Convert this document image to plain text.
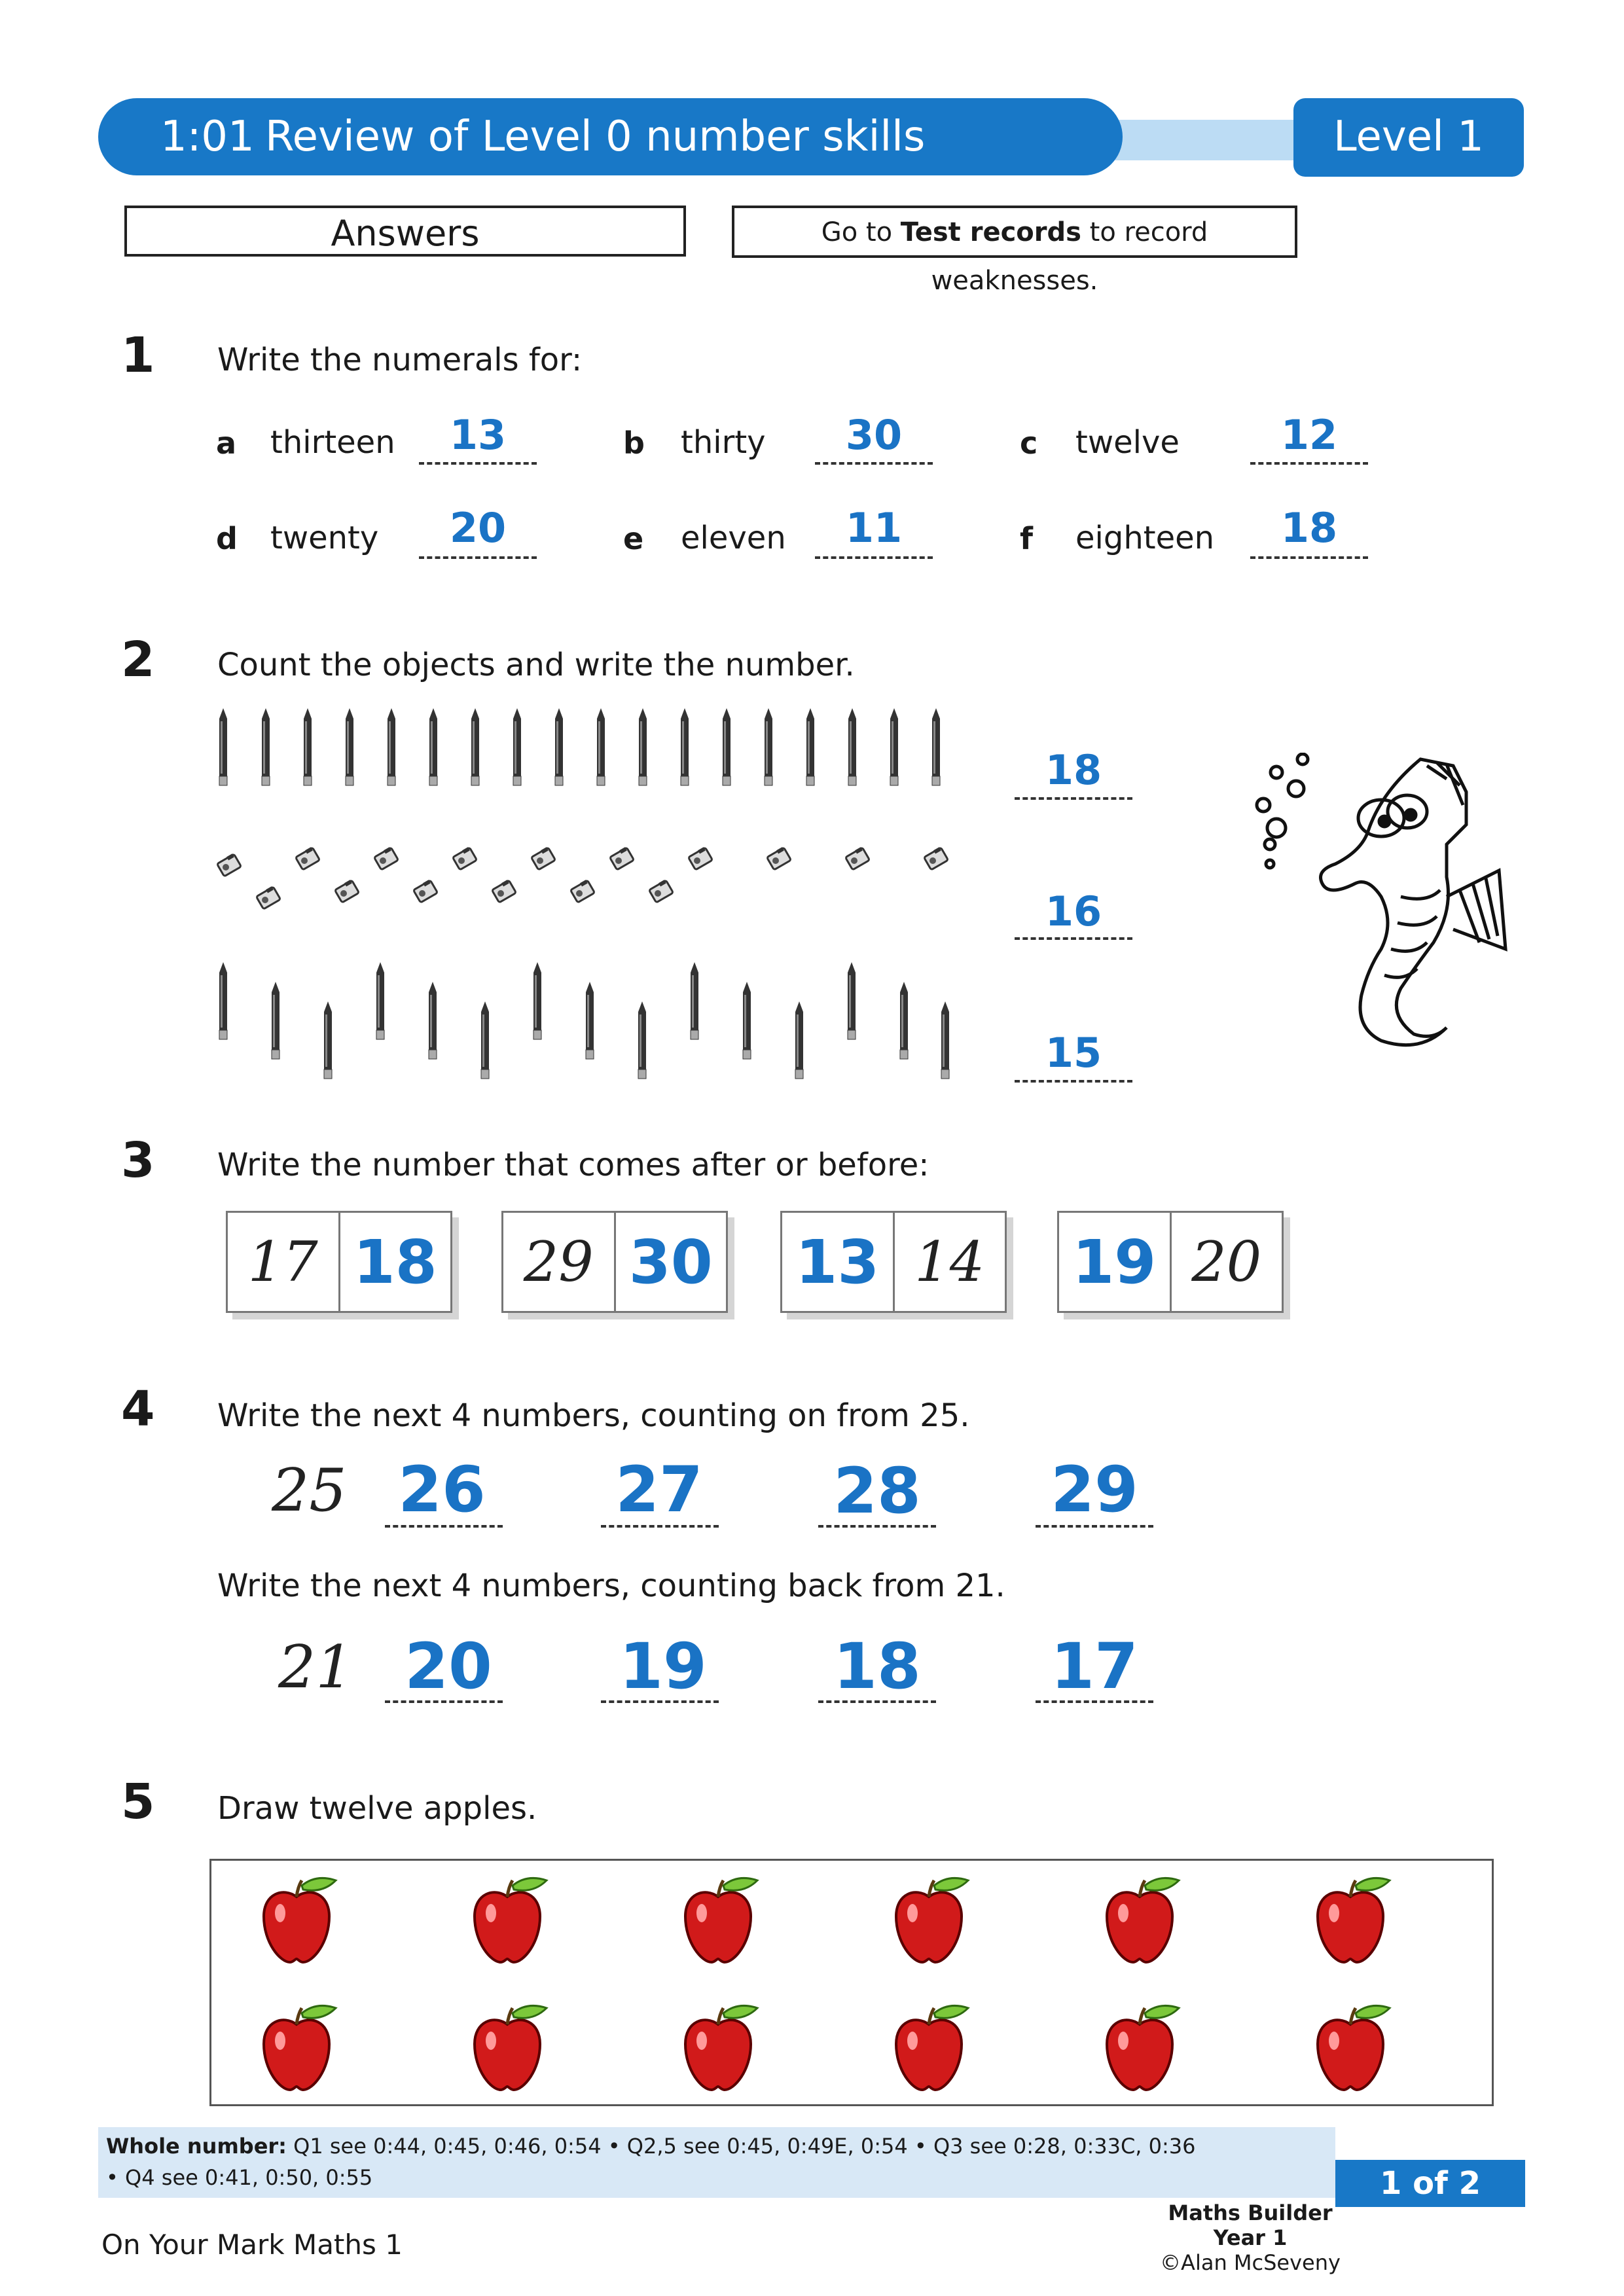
1:01 Review of Level 0 number skills	Level 1
Answers	Go to Test records to record weaknesses.
1 Write the numerals for:
a thirteen	13	b thirty	30	c twelve	12
d twenty	20	e eleven	11	f eighteen	18
2 Count the objects and write the number.
18
16
15
3 Write the number that comes after or before:
17 18	29 30 13 14	19 20
4 Write the next 4 numbers, counting on from 25.
25 26 27 28 29
Write the next 4 numbers, counting back from 21.
21 20 19 18 17
5 Draw twelve apples.
Whole number: Q1 see 0:44, 0:45, 0:46, 0:54 • Q2,5 see 0:45, 0:49E, 0:54 • Q3 see 0:28, 0:33C, 0:36
• Q4 see 0:41, 0:50, 0:55	1 of 2
On Your Mark Maths 1
Maths Builder Year 1
©Alan McSeveny
